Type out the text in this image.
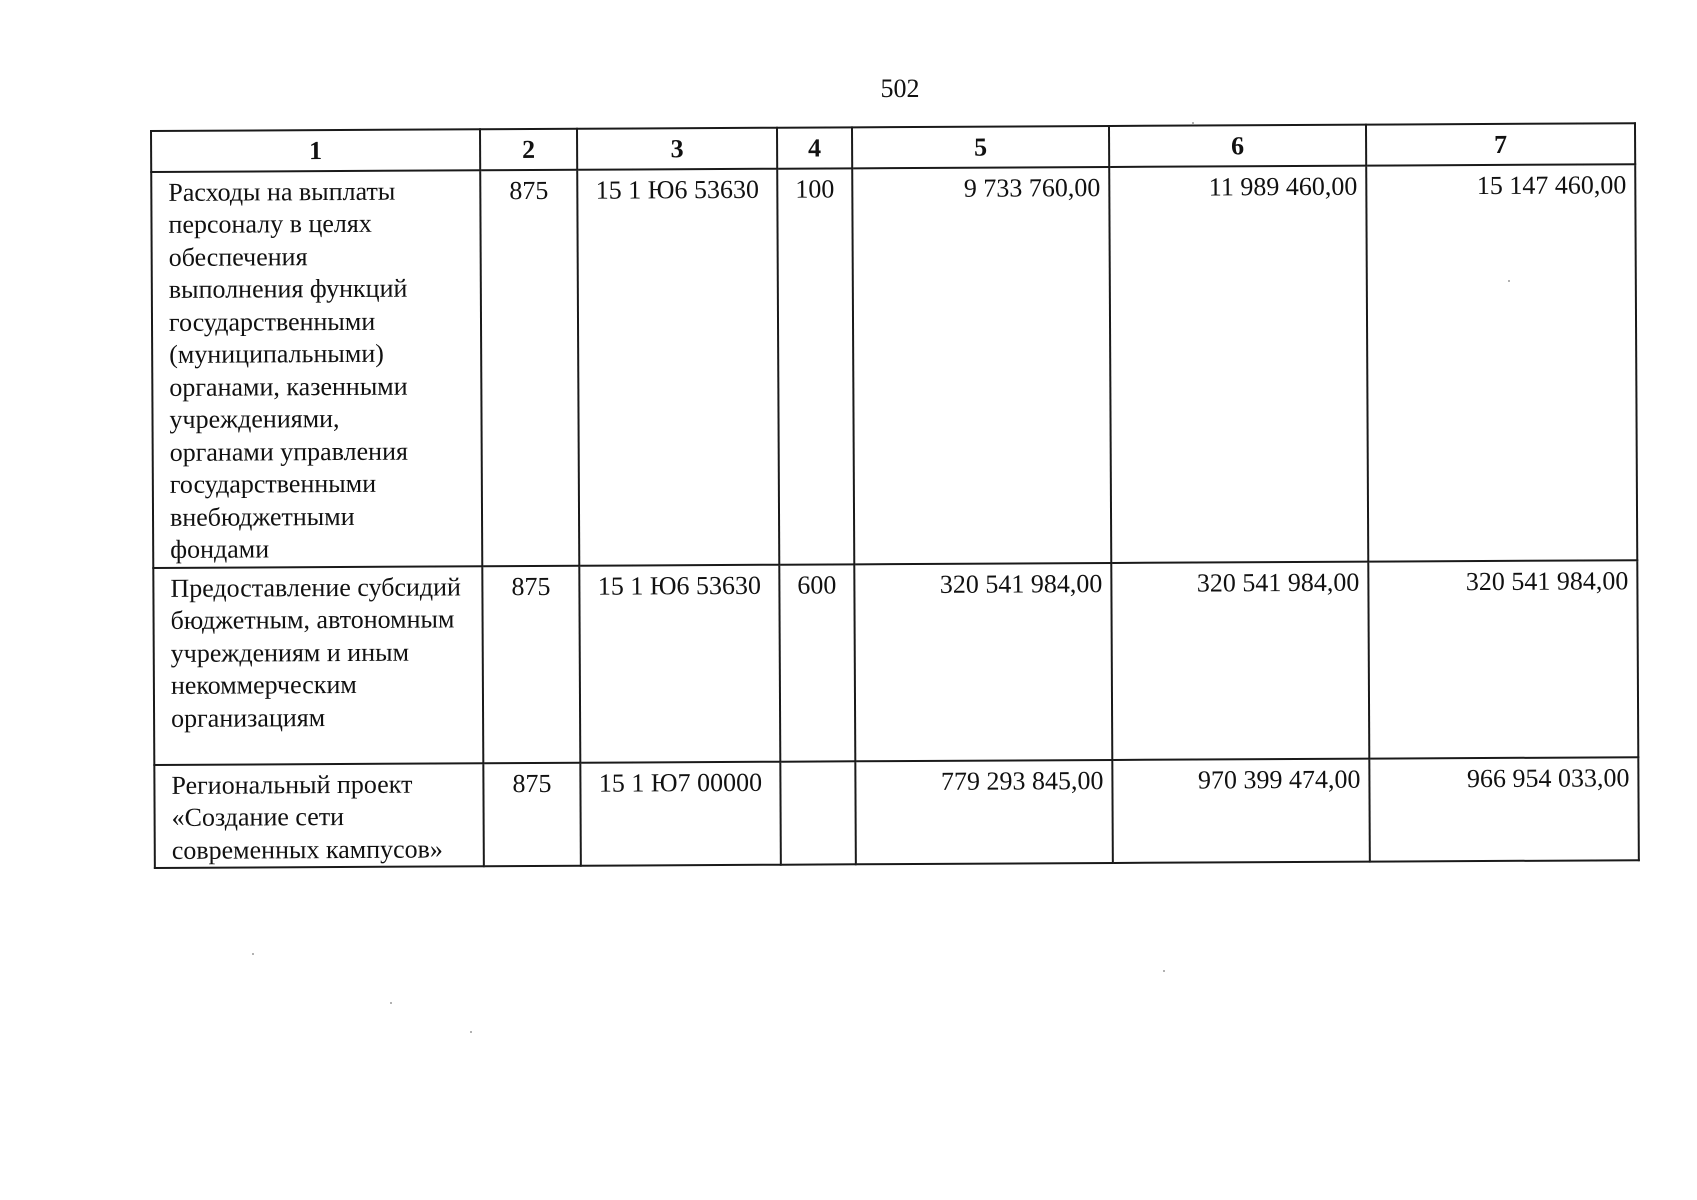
502
1	2	3	4	5	6	7
Расходы на выплаты персоналу в целях обеспечения выполнения функций государственными (муниципальными) органами, казенными учреждениями, органами управления государственными внебюджетными фондами	875	15 1 Ю6 53630	100	9 733 760,00	11 989 460,00	15 147 460,00
Предоставление субсидий бюджетным, автономным учреждениям и иным некоммерческим организациям	875	15 1 Ю6 53630	600	320 541 984,00	320 541 984,00	320 541 984,00
Региональный проект «Создание сети современных кампусов»	875	15 1 Ю7 00000		779 293 845,00	970 399 474,00	966 954 033,00
